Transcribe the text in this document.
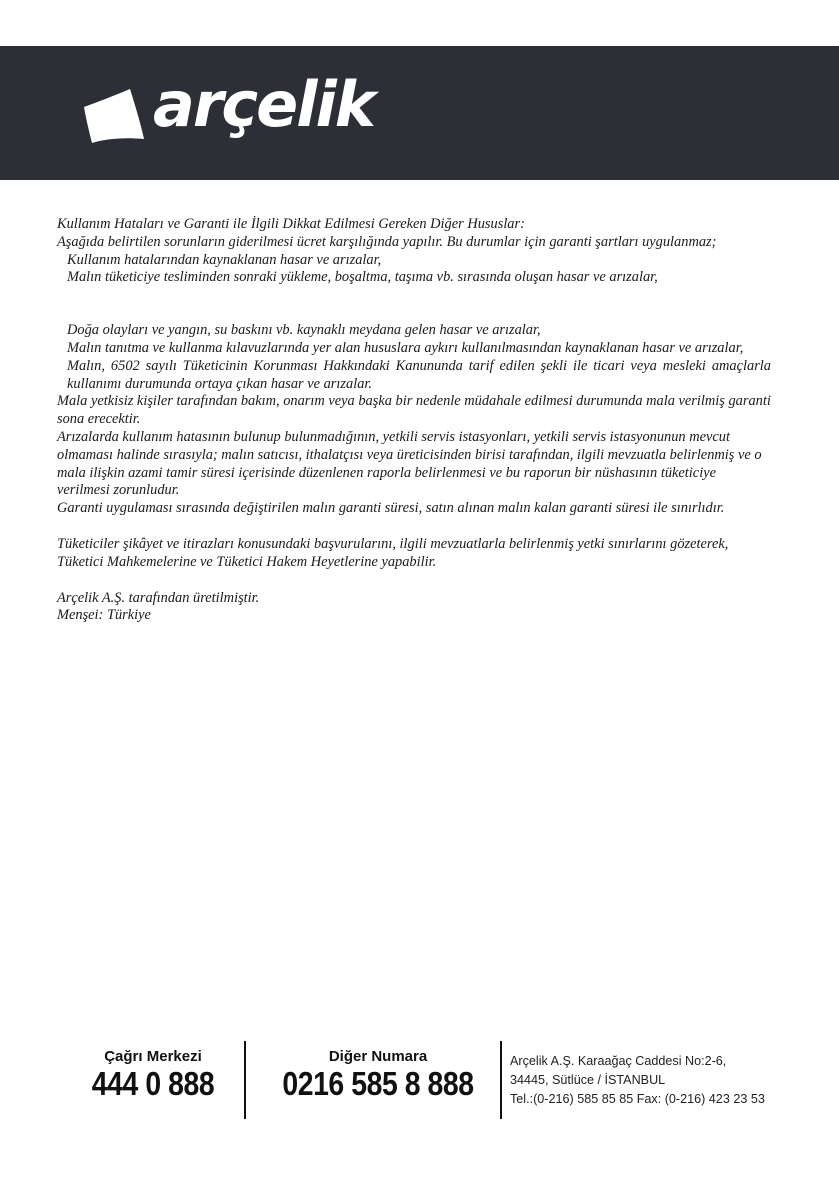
arçelik

Kullanım Hataları ve Garanti ile İlgili Dikkat Edilmesi Gereken Diğer Hususlar:

Aşağıda belirtilen sorunların giderilmesi ücret karşılığında yapılır. Bu durumlar için garanti şartları uygulanmaz;

Kullanım hatalarından kaynaklanan hasar ve arızalar,

Malın tüketiciye tesliminden sonraki yükleme, boşaltma, taşıma vb. sırasında oluşan hasar ve arızalar,

Doğa olayları ve yangın, su baskını vb. kaynaklı meydana gelen hasar ve arızalar,

Malın tanıtma ve kullanma kılavuzlarında yer alan hususlara aykırı kullanılmasından kaynaklanan hasar ve arızalar,

Malın, 6502 sayılı Tüketicinin Korunması Hakkındaki Kanununda tarif edilen şekli ile ticari veya mesleki amaçlarla kullanımı durumunda ortaya çıkan hasar ve arızalar.

Mala yetkisiz kişiler tarafından bakım, onarım veya başka bir nedenle müdahale edilmesi durumunda mala verilmiş garanti sona erecektir.

Arızalarda kullanım hatasının bulunup bulunmadığının, yetkili servis istasyonları, yetkili servis istasyonunun mevcut olmaması halinde sırasıyla; malın satıcısı, ithalatçısı veya üreticisinden birisi tarafından, ilgili mevzuatla belirlenmiş ve o mala ilişkin azami tamir süresi içerisinde düzenlenen raporla belirlenmesi ve bu raporun bir nüshasının tüketiciye verilmesi zorunludur.

Garanti uygulaması sırasında değiştirilen malın garanti süresi, satın alınan malın kalan garanti süresi ile sınırlıdır.

Tüketiciler şikâyet ve itirazları konusundaki başvurularını, ilgili mevzuatlarla belirlenmiş yetki sınırlarını gözeterek,

Tüketici Mahkemelerine ve Tüketici Hakem Heyetlerine yapabilir.

Arçelik A.Ş. tarafından üretilmiştir.

Menşei: Türkiye

Çağrı Merkezi
444 0 888
Diğer Numara
0216 585 8 888
Arçelik A.Ş. Karaağaç Caddesi No:2-6,
34445, Sütlüce / İSTANBUL
Tel.:(0-216) 585 85 85 Fax: (0-216) 423 23 53
